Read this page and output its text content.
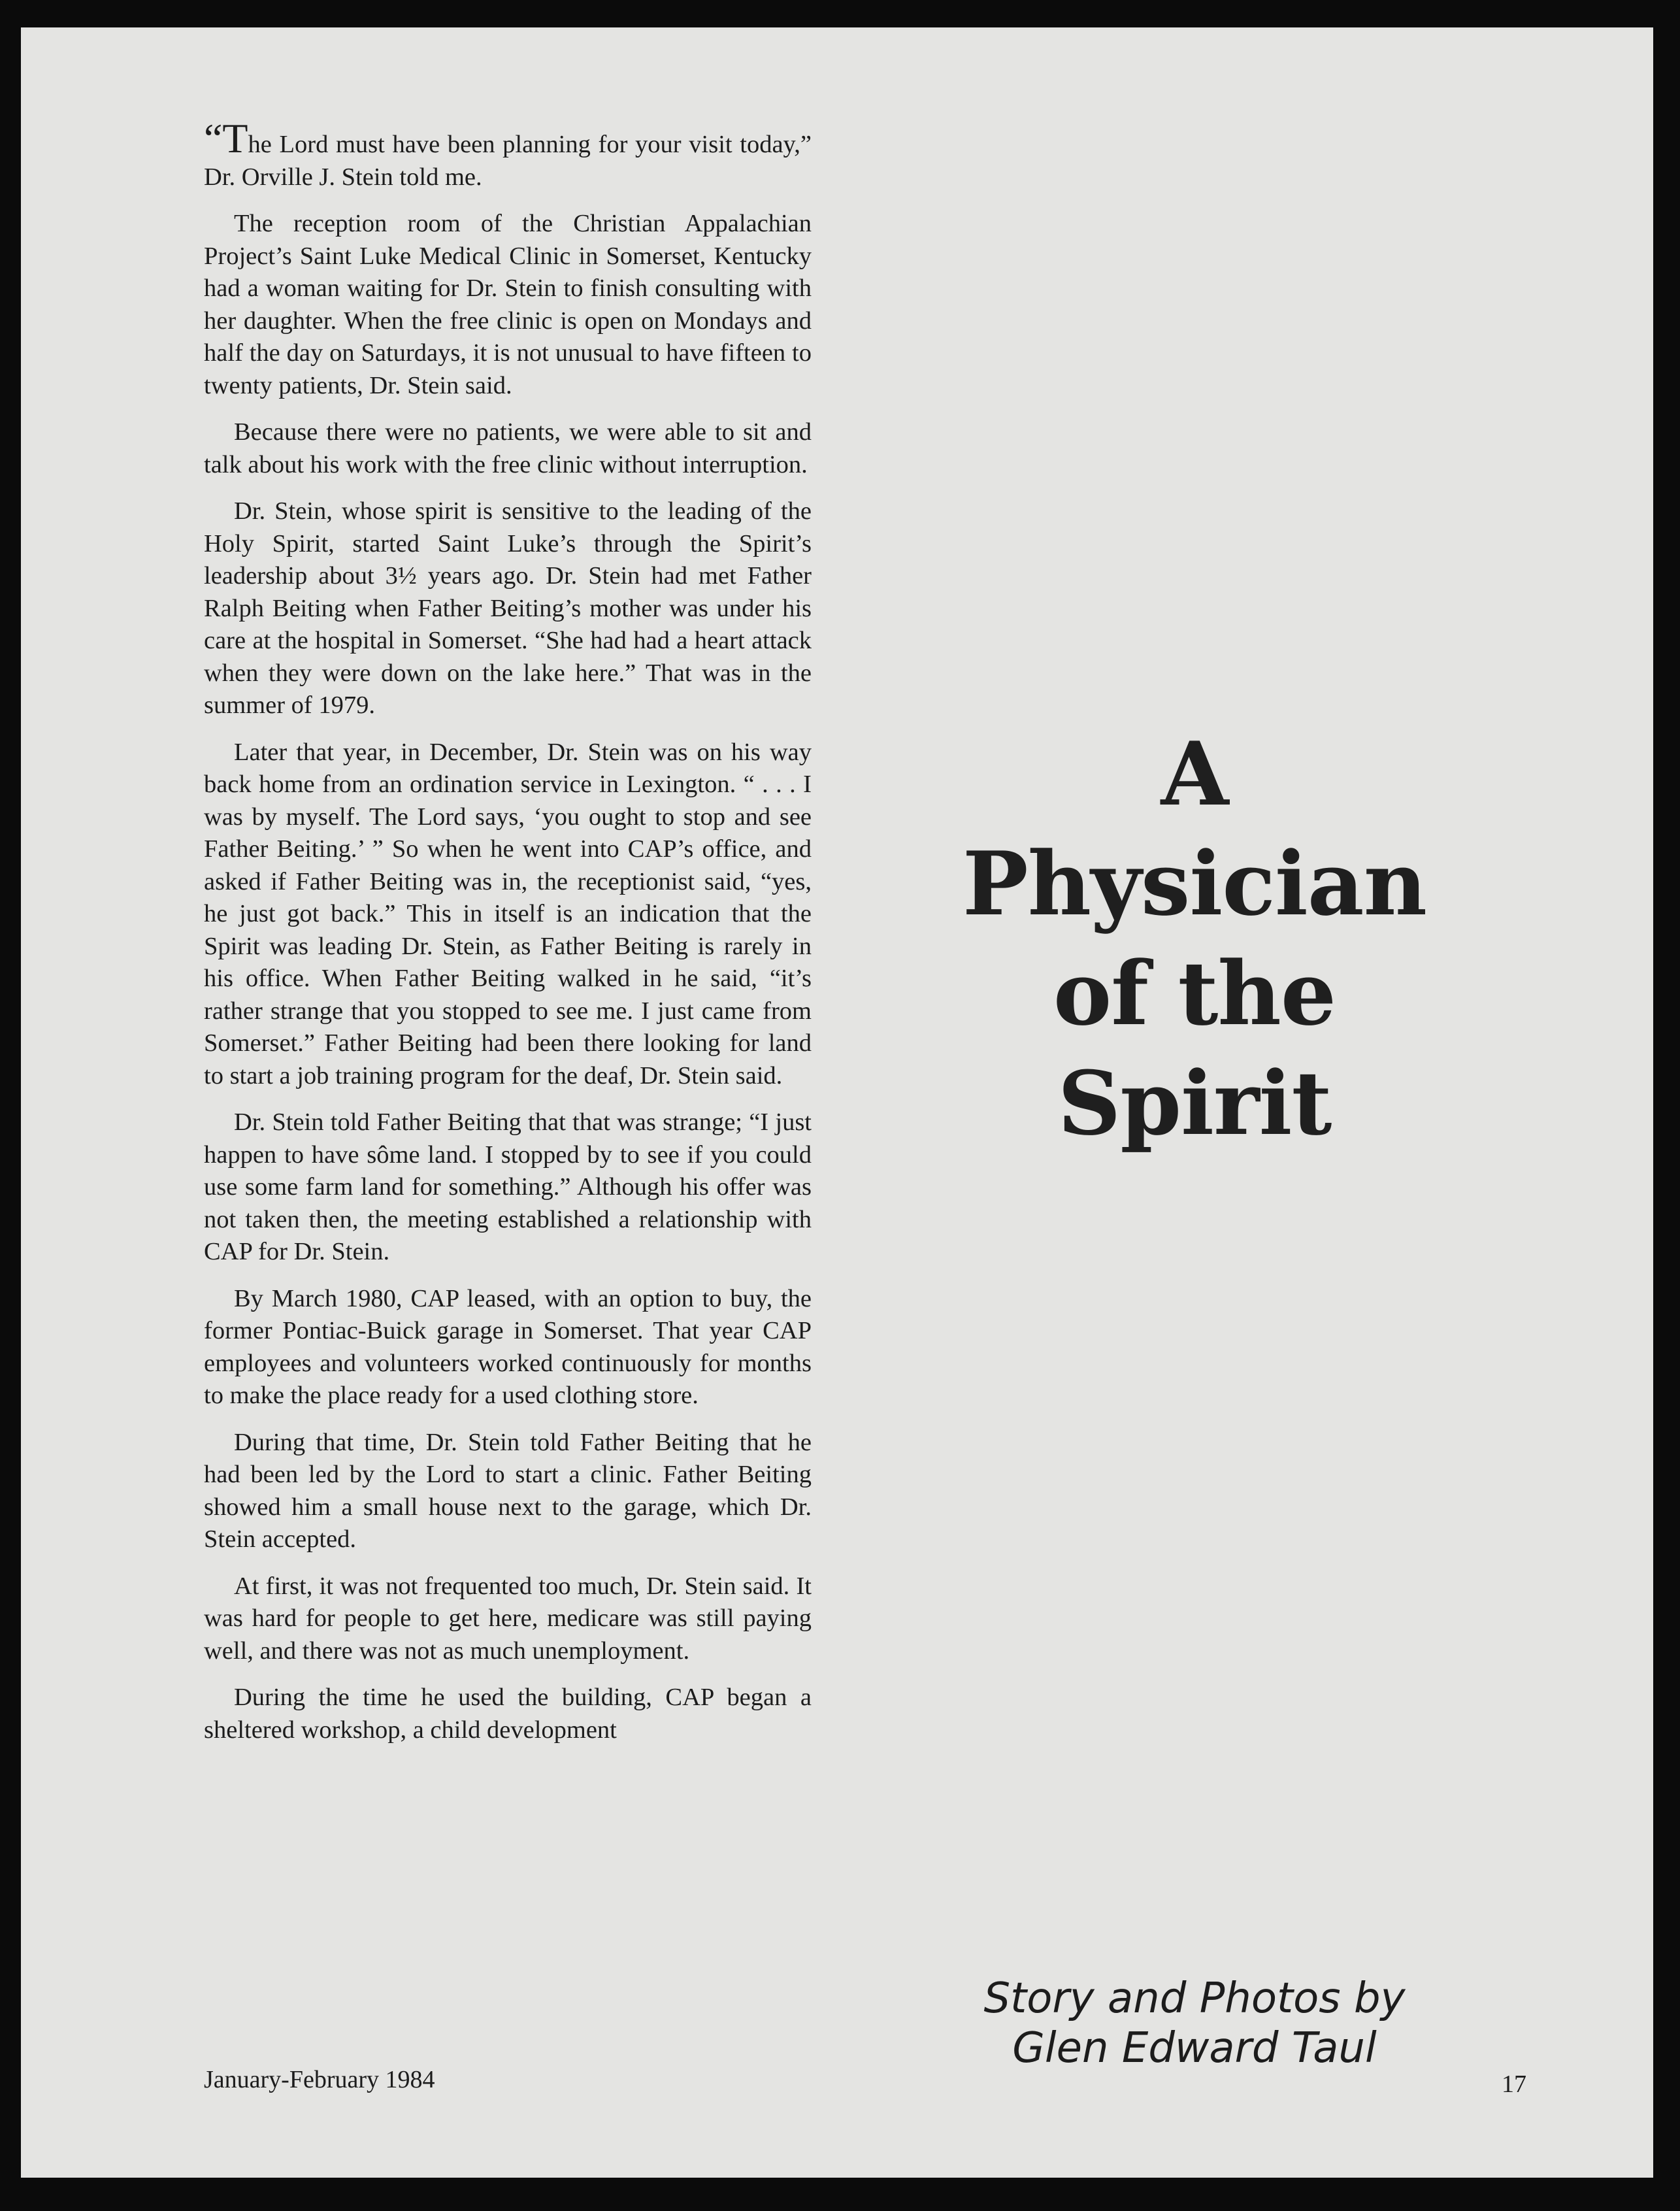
“The Lord must have been planning for your visit today,” Dr. Orville J. Stein told me.

The reception room of the Christian Appalachian Project’s Saint Luke Medical Clinic in Somerset, Kentucky had a woman waiting for Dr. Stein to finish consulting with her daughter. When the free clinic is open on Mondays and half the day on Saturdays, it is not unusual to have fifteen to twenty patients, Dr. Stein said.

Because there were no patients, we were able to sit and talk about his work with the free clinic without interruption.

Dr. Stein, whose spirit is sensitive to the leading of the Holy Spirit, started Saint Luke’s through the Spirit’s leadership about 3½ years ago. Dr. Stein had met Father Ralph Beiting when Father Beiting’s mother was under his care at the hospital in Somerset. “She had had a heart attack when they were down on the lake here.” That was in the summer of 1979.

Later that year, in December, Dr. Stein was on his way back home from an ordination service in Lexington. “ . . . I was by myself. The Lord says, ‘you ought to stop and see Father Beiting.’ ” So when he went into CAP’s office, and asked if Father Beiting was in, the receptionist said, “yes, he just got back.” This in itself is an indication that the Spirit was leading Dr. Stein, as Father Beiting is rarely in his office. When Father Beiting walked in he said, “it’s rather strange that you stopped to see me. I just came from Somerset.” Father Beiting had been there looking for land to start a job training program for the deaf, Dr. Stein said.

Dr. Stein told Father Beiting that that was strange; “I just happen to have sôme land. I stopped by to see if you could use some farm land for something.” Although his offer was not taken then, the meeting established a relationship with CAP for Dr. Stein.

By March 1980, CAP leased, with an option to buy, the former Pontiac-Buick garage in Somerset. That year CAP employees and volunteers worked continuously for months to make the place ready for a used clothing store.

During that time, Dr. Stein told Father Beiting that he had been led by the Lord to start a clinic. Father Beiting showed him a small house next to the garage, which Dr. Stein accepted.

At first, it was not frequented too much, Dr. Stein said. It was hard for people to get here, medicare was still paying well, and there was not as much unemployment.

During the time he used the building, CAP began a sheltered workshop, a child development

January-February 1984
A
Physician
of the
Spirit
Story and Photos by
Glen Edward Taul
17
